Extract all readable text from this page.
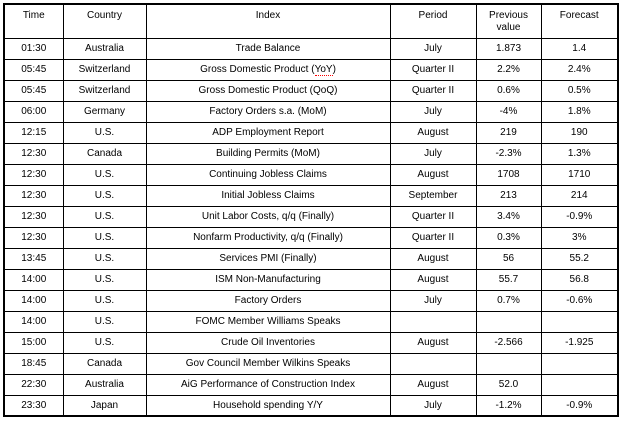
Time	Country	Index	Period	Previous value	Forecast
01:30	Australia	Trade Balance	July	1.873	1.4
05:45	Switzerland	Gross Domestic Product (YoY)	Quarter II	2.2%	2.4%
05:45	Switzerland	Gross Domestic Product (QoQ)	Quarter II	0.6%	0.5%
06:00	Germany	Factory Orders s.a. (MoM)	July	-4%	1.8%
12:15	U.S.	ADP Employment Report	August	219	190
12:30	Canada	Building Permits (MoM)	July	-2.3%	1.3%
12:30	U.S.	Continuing Jobless Claims	August	1708	1710
12:30	U.S.	Initial Jobless Claims	September	213	214
12:30	U.S.	Unit Labor Costs, q/q (Finally)	Quarter II	3.4%	-0.9%
12:30	U.S.	Nonfarm Productivity, q/q (Finally)	Quarter II	0.3%	3%
13:45	U.S.	Services PMI (Finally)	August	56	55.2
14:00	U.S.	ISM Non-Manufacturing	August	55.7	56.8
14:00	U.S.	Factory Orders	July	0.7%	-0.6%
14:00	U.S.	FOMC Member Williams Speaks			
15:00	U.S.	Crude Oil Inventories	August	-2.566	-1.925
18:45	Canada	Gov Council Member Wilkins Speaks			
22:30	Australia	AiG Performance of Construction Index	August	52.0	
23:30	Japan	Household spending Y/Y	July	-1.2%	-0.9%
